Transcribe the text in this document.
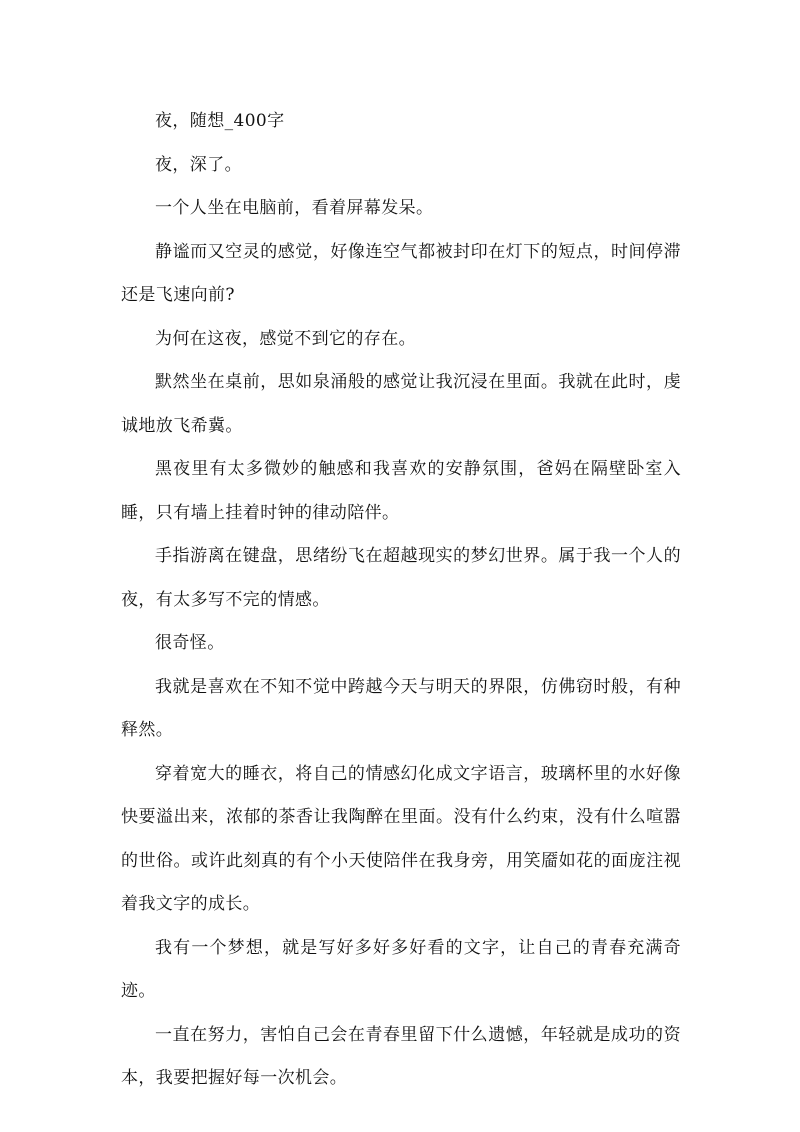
夜，随想_400字

夜，深了。

一个人坐在电脑前，看着屏幕发呆。

静谧而又空灵的感觉，好像连空气都被封印在灯下的短点，时间停滞还是飞速向前?

为何在这夜，感觉不到它的存在。

默然坐在桌前，思如泉涌般的感觉让我沉浸在里面。我就在此时，虔诚地放飞希冀。

黑夜里有太多微妙的触感和我喜欢的安静氛围，爸妈在隔壁卧室入睡，只有墙上挂着时钟的律动陪伴。

手指游离在键盘，思绪纷飞在超越现实的梦幻世界。属于我一个人的夜，有太多写不完的情感。

很奇怪。

我就是喜欢在不知不觉中跨越今天与明天的界限，仿佛窃时般，有种释然。

穿着宽大的睡衣，将自己的情感幻化成文字语言，玻璃杯里的水好像快要溢出来，浓郁的茶香让我陶醉在里面。没有什么约束，没有什么喧嚣的世俗。或许此刻真的有个小天使陪伴在我身旁，用笑靥如花的面庞注视着我文字的成长。

我有一个梦想，就是写好多好多好看的文字，让自己的青春充满奇迹。

一直在努力，害怕自己会在青春里留下什么遗憾，年轻就是成功的资本，我要把握好每一次机会。
